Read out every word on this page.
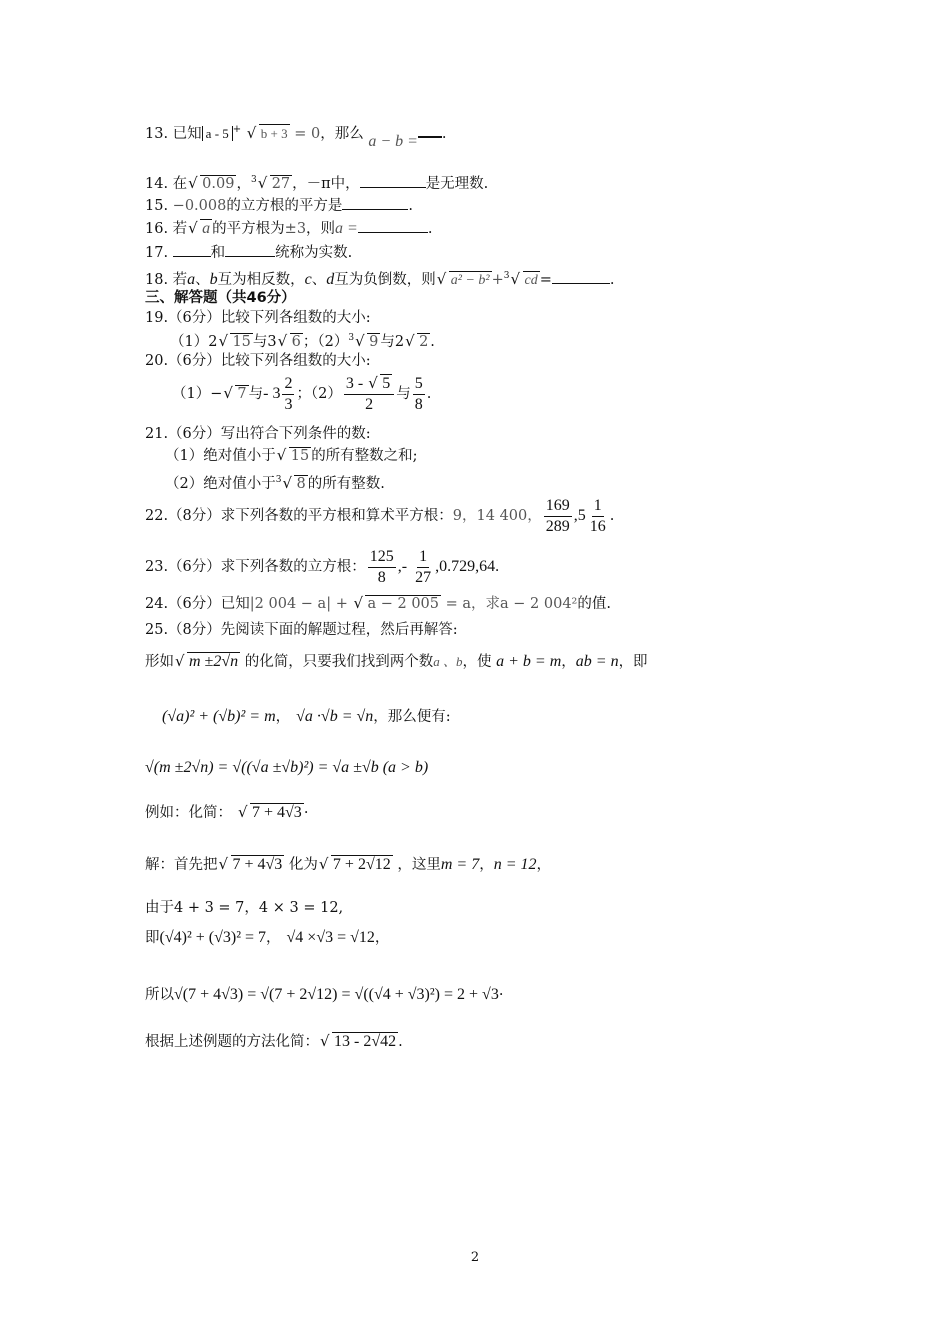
13. 已知 a - 5 + √ b + 3 = 0，那么 a − b = .
14. 在√ 0.09 ，$^3$√ 27 ，－π中，	是无理数.
15. −0.008的立方根的平方是	.
16. 若√ a 的平方根为±3，则a =	.
17.	和	统称为实数.
18. 若a、b互为相反数，c、d互为负倒数，则√ a² − b² +$^3$√ cd =	.
三、解答题（共46分）
19.（6分）比较下列各组数的大小:
（1）2√ 15 与3√ 6 ；$(2)^3√$ 9 与2√ 2 .
20.（6分）比较下列各组数的大小:
（1）−√ 7 与- $3 \frac{2}{3}$ ；$(2) \frac{3 - √ 5}{2}$ 与 $\frac{5}{8}$ .
21.（6分）写出符合下列条件的数:
（1）绝对值小于√ 15 的所有整数之和;
（2）绝对值小于$^3$√ 8 的所有整数.
22.（8分）求下列各数的平方根和算术平方根：9，14 400， $\frac{169}{289} ,5 \frac{1}{16}$ .
23.（6分）求下列各数的立方根： $\frac{125}{8}$ ,- $\frac{1}{27} ,0.729,64$.
24.（6分）已知|2 004 − a| + √ a − 2 005 = a，求a − 2 004²的值.
25.（8分）先阅读下面的解题过程，然后再解答:
形如√ m ±2√n 的化简，只要我们找到两个数a 、b，使 a + b = m，ab = n，即
(√a)² + (√b)² = m， √a ·√b = √n，那么便有:
√(m ±2√n) = √((√a ±√b)²) = √a ±√b (a > b)
例如：化简：√ 7 + 4√3 ·
解：首先把√ 7 + 4√3 化为√ 7 + 2√12 ，这里m = 7，n = 12，
由于4 + 3 = 7，4 × 3 = 12,
即(√4)² + (√3)² = 7， √4 ×√3 = √12，
所以√(7 + 4√3) = √(7 + 2√12) = √((√4 + √3)²) = 2 + √3·
根据上述例题的方法化简：√ 13 - 2√42 .
2
